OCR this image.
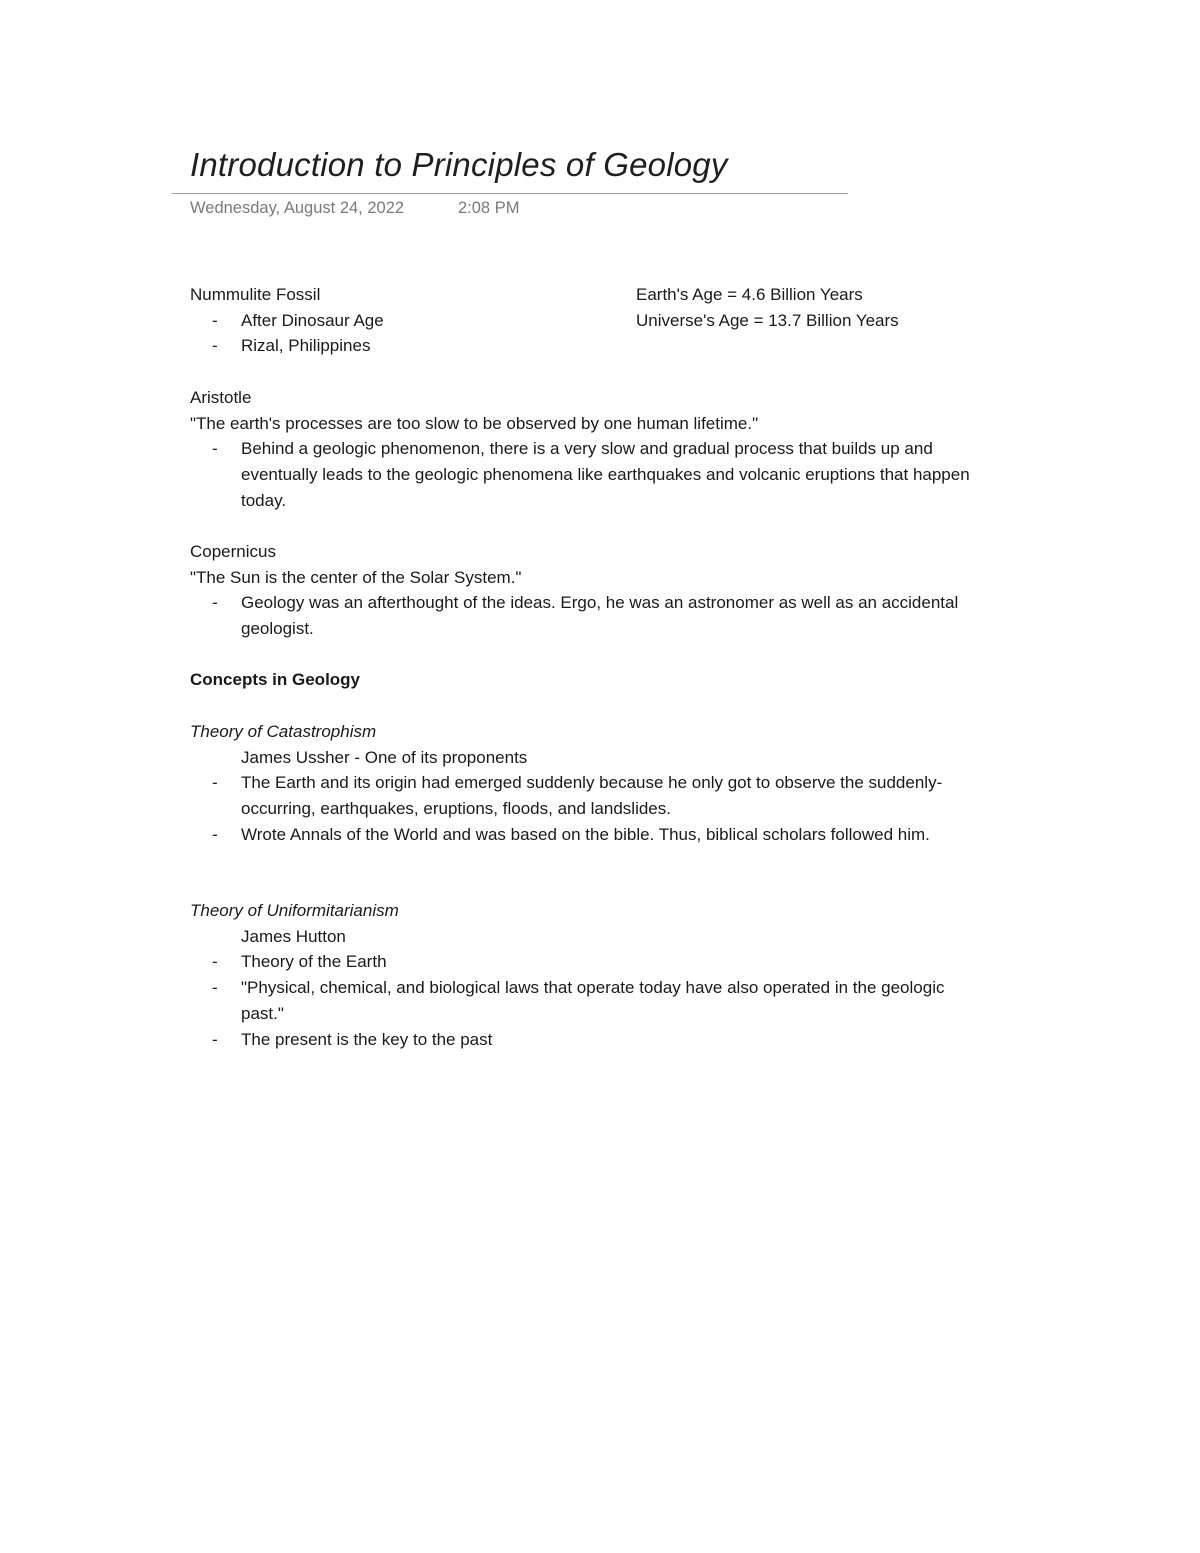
Introduction to Principles of Geology
Wednesday, August 24, 2022	2:08 PM
Nummulite Fossil
- After Dinosaur Age
- Rizal, Philippines
Earth's Age = 4.6 Billion Years
Universe's Age = 13.7 Billion Years
Aristotle
"The earth's processes are too slow to be observed by one human lifetime."
- Behind a geologic phenomenon, there is a very slow and gradual process that builds up and eventually leads to the geologic phenomena like earthquakes and volcanic eruptions that happen today.
Copernicus
"The Sun is the center of the Solar System."
- Geology was an afterthought of the ideas. Ergo, he was an astronomer as well as an accidental geologist.
Concepts in Geology
Theory of Catastrophism
James Ussher - One of its proponents
- The Earth and its origin had emerged suddenly because he only got to observe the suddenly-occurring, earthquakes, eruptions, floods, and landslides.
- Wrote Annals of the World and was based on the bible. Thus, biblical scholars followed him.
Theory of Uniformitarianism
James Hutton
- Theory of the Earth
- "Physical, chemical, and biological laws that operate today have also operated in the geologic past."
- The present is the key to the past
